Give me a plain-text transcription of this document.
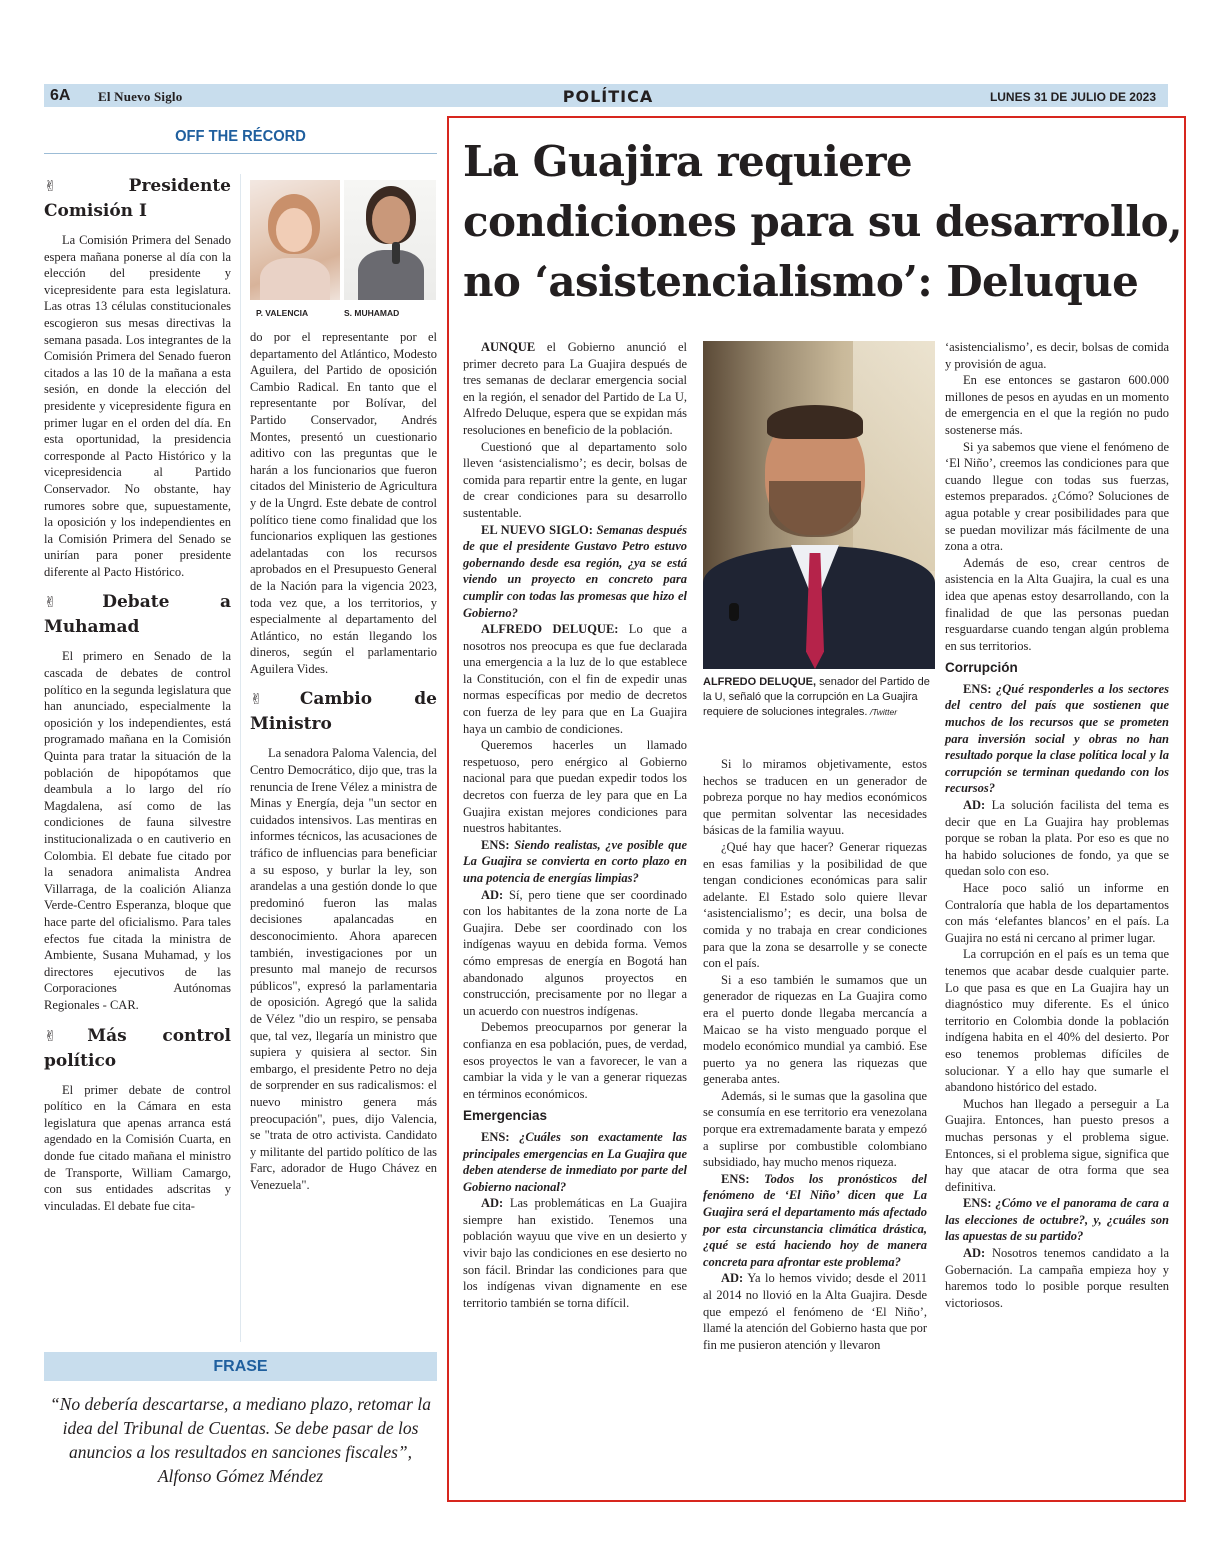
6A El Nuevo Siglo	POLÍTICA	LUNES 31 DE JULIO DE 2023
OFF THE RÉCORD
✌Presidente Comisión I

La Comisión Primera del Senado espera mañana ponerse al día con la elección del presidente y vicepresidente para esta legislatura. Las otras 13 células constitucionales escogieron sus mesas directivas la semana pasada. Los integrantes de la Comisión Primera del Senado fueron citados a las 10 de la mañana a esta sesión, en donde la elección del presidente y vicepresidente figura en primer lugar en el orden del día. En esta oportunidad, la presidencia corresponde al Pacto Histórico y la vicepresidencia al Partido Conservador. No obstante, hay rumores sobre que, supuestamente, la oposición y los independientes en la Comisión Primera del Senado se unirían para poner presidente diferente al Pacto Histórico.

✌Debate a Muhamad

El primero en Senado de la cascada de debates de control político en la segunda legislatura que han anunciado, especialmente la oposición y los independientes, está programado mañana en la Comisión Quinta para tratar la situación de la población de hipopótamos que deambula a lo largo del río Magdalena, así como de las condiciones de fauna silvestre institucionalizada o en cautiverio en Colombia. El debate fue citado por la senadora animalista Andrea Villarraga, de la coalición Alianza Verde-Centro Esperanza, bloque que hace parte del oficialismo. Para tales efectos fue citada la ministra de Ambiente, Susana Muhamad, y los directores ejecutivos de las Corporaciones Autónomas Regionales - CAR.

✌Más control político

El primer debate de control político en la Cámara en esta legislatura que apenas arranca está agendado en la Comisión Cuarta, en donde fue citado mañana el ministro de Transporte, William Camargo, con sus entidades adscritas y vinculadas. El debate fue cita-

P. VALENCIA	S. MUHAMAD

do por el representante por el departamento del Atlántico, Modesto Aguilera, del Partido de oposición Cambio Radical. En tanto que el representante por Bolívar, del Partido Conservador, Andrés Montes, presentó un cuestionario aditivo con las preguntas que le harán a los funcionarios que fueron citados del Ministerio de Agricultura y de la Ungrd. Este debate de control político tiene como finalidad que los funcionarios expliquen las gestiones adelantadas con los recursos aprobados en el Presupuesto General de la Nación para la vigencia 2023, toda vez que, a los territorios, y especialmente al departamento del Atlántico, no están llegando los dineros, según el parlamentario Aguilera Vides.

✌Cambio de Ministro

La senadora Paloma Valencia, del Centro Democrático, dijo que, tras la renuncia de Irene Vélez a ministra de Minas y Energía, deja "un sector en cuidados intensivos. Las mentiras en informes técnicos, las acusaciones de tráfico de influencias para beneficiar a su esposo, y burlar la ley, son arandelas a una gestión donde lo que predominó fueron las malas decisiones apalancadas en desconocimiento. Ahora aparecen también, investigaciones por un presunto mal manejo de recursos públicos", expresó la parlamentaria de oposición. Agregó que la salida de Vélez "dio un respiro, se pensaba que, tal vez, llegaría un ministro que supiera y quisiera al sector. Sin embargo, el presidente Petro no deja de sorprender en sus radicalismos: el nuevo ministro genera más preocupación", pues, dijo Valencia, se "trata de otro activista. Candidato y militante del partido político de las Farc, adorador de Hugo Chávez en Venezuela".

FRASE
“No debería descartarse, a mediano plazo, retomar la idea del Tribunal de Cuentas. Se debe pasar de los anuncios a los resultados en sanciones fiscales”, Alfonso Gómez Méndez
La Guajira requiere condiciones para su desarrollo, no ‘asistencialismo’: Deluque
ALFREDO DELUQUE, senador del Partido de la U, señaló que la corrupción en La Guajira requiere de soluciones integrales. /Twitter

AUNQUE el Gobierno anunció el primer decreto para La Guajira después de tres semanas de declarar emergencia social en la región, el senador del Partido de La U, Alfredo Deluque, espera que se expidan más resoluciones en beneficio de la población.

Cuestionó que al departamento solo lleven ‘asistencialismo’; es decir, bolsas de comida para repartir entre la gente, en lugar de crear condiciones para su desarrollo sustentable.

EL NUEVO SIGLO: Semanas después de que el presidente Gustavo Petro estuvo gobernando desde esa región, ¿ya se está viendo un proyecto en concreto para cumplir con todas las promesas que hizo el Gobierno?

ALFREDO DELUQUE: Lo que a nosotros nos preocupa es que fue declarada una emergencia a la luz de lo que establece la Constitución, con el fin de expedir unas normas específicas por medio de decretos con fuerza de ley para que en La Guajira haya un cambio de condiciones.

Queremos hacerles un llamado respetuoso, pero enérgico al Gobierno nacional para que puedan expedir todos los decretos con fuerza de ley para que en La Guajira existan mejores condiciones para nuestros habitantes.

ENS: Siendo realistas, ¿ve posible que La Guajira se convierta en corto plazo en una potencia de energías limpias?

AD: Sí, pero tiene que ser coordinado con los habitantes de la zona norte de La Guajira. Debe ser coordinado con los indígenas wayuu en debida forma. Vemos cómo empresas de energía en Bogotá han abandonado algunos proyectos en construcción, precisamente por no llegar a un acuerdo con nuestros indígenas.

Debemos preocuparnos por generar la confianza en esa población, pues, de verdad, esos proyectos le van a favorecer, le van a cambiar la vida y le van a generar riquezas en términos económicos.

Emergencias

ENS: ¿Cuáles son exactamente las principales emergencias en La Guajira que deben atenderse de inmediato por parte del Gobierno nacional?

AD: Las problemáticas en La Guajira siempre han existido. Tenemos una población wayuu que vive en un desierto y vivir bajo las condiciones en ese desierto no son fácil. Brindar las condiciones para que los indígenas vivan dignamente en ese territorio también se torna difícil.

Si lo miramos objetivamente, estos hechos se traducen en un generador de pobreza porque no hay medios económicos que permitan solventar las necesidades básicas de la familia wayuu.

¿Qué hay que hacer? Generar riquezas en esas familias y la posibilidad de que tengan condiciones económicas para salir adelante. El Estado solo quiere llevar ‘asistencialismo’; es decir, una bolsa de comida y no trabaja en crear condiciones para que la zona se desarrolle y se conecte con el país.

Si a eso también le sumamos que un generador de riquezas en La Guajira como era el puerto donde llegaba mercancía a Maicao se ha visto menguado porque el modelo económico mundial ya cambió. Ese puerto ya no genera las riquezas que generaba antes.

Además, si le sumas que la gasolina que se consumía en ese territorio era venezolana porque era extremadamente barata y empezó a suplirse por combustible colombiano subsidiado, hay mucho menos riqueza.

ENS: Todos los pronósticos del fenómeno de ‘El Niño’ dicen que La Guajira será el departamento más afectado por esta circunstancia climática drástica, ¿qué se está haciendo hoy de manera concreta para afrontar este problema?

AD: Ya lo hemos vivido; desde el 2011 al 2014 no llovió en la Alta Guajira. Desde que empezó el fenómeno de ‘El Niño’, llamé la atención del Gobierno hasta que por fin me pusieron atención y llevaron

‘asistencialismo’, es decir, bolsas de comida y provisión de agua.

En ese entonces se gastaron 600.000 millones de pesos en ayudas en un momento de emergencia en el que la región no pudo sostenerse más.

Si ya sabemos que viene el fenómeno de ‘El Niño’, creemos las condiciones para que cuando llegue con todas sus fuerzas, estemos preparados. ¿Cómo? Soluciones de agua potable y crear posibilidades para que se puedan movilizar más fácilmente de una zona a otra.

Además de eso, crear centros de asistencia en la Alta Guajira, la cual es una idea que apenas estoy desarrollando, con la finalidad de que las personas puedan resguardarse cuando tengan algún problema en sus territorios.

Corrupción

ENS: ¿Qué responderles a los sectores del centro del país que sostienen que muchos de los recursos que se prometen para inversión social y obras no han resultado porque la clase política local y la corrupción se terminan quedando con los recursos?

AD: La solución facilista del tema es decir que en La Guajira hay problemas porque se roban la plata. Por eso es que no ha habido soluciones de fondo, ya que se quedan solo con eso.

Hace poco salió un informe en Contraloría que habla de los departamentos con más ‘elefantes blancos’ en el país. La Guajira no está ni cercano al primer lugar.

La corrupción en el país es un tema que tenemos que acabar desde cualquier parte. Lo que pasa es que en La Guajira hay un diagnóstico muy diferente. Es el único territorio en Colombia donde la población indígena habita en el 40% del desierto. Por eso tenemos problemas difíciles de solucionar. Y a ello hay que sumarle el abandono histórico del estado.

Muchos han llegado a perseguir a La Guajira. Entonces, han puesto presos a muchas personas y el problema sigue. Entonces, si el problema sigue, significa que hay que atacar de otra forma que sea definitiva.

ENS: ¿Cómo ve el panorama de cara a las elecciones de octubre?, y, ¿cuáles son las apuestas de su partido?

AD: Nosotros tenemos candidato a la Gobernación. La campaña empieza hoy y haremos todo lo posible porque resulten victoriosos.
